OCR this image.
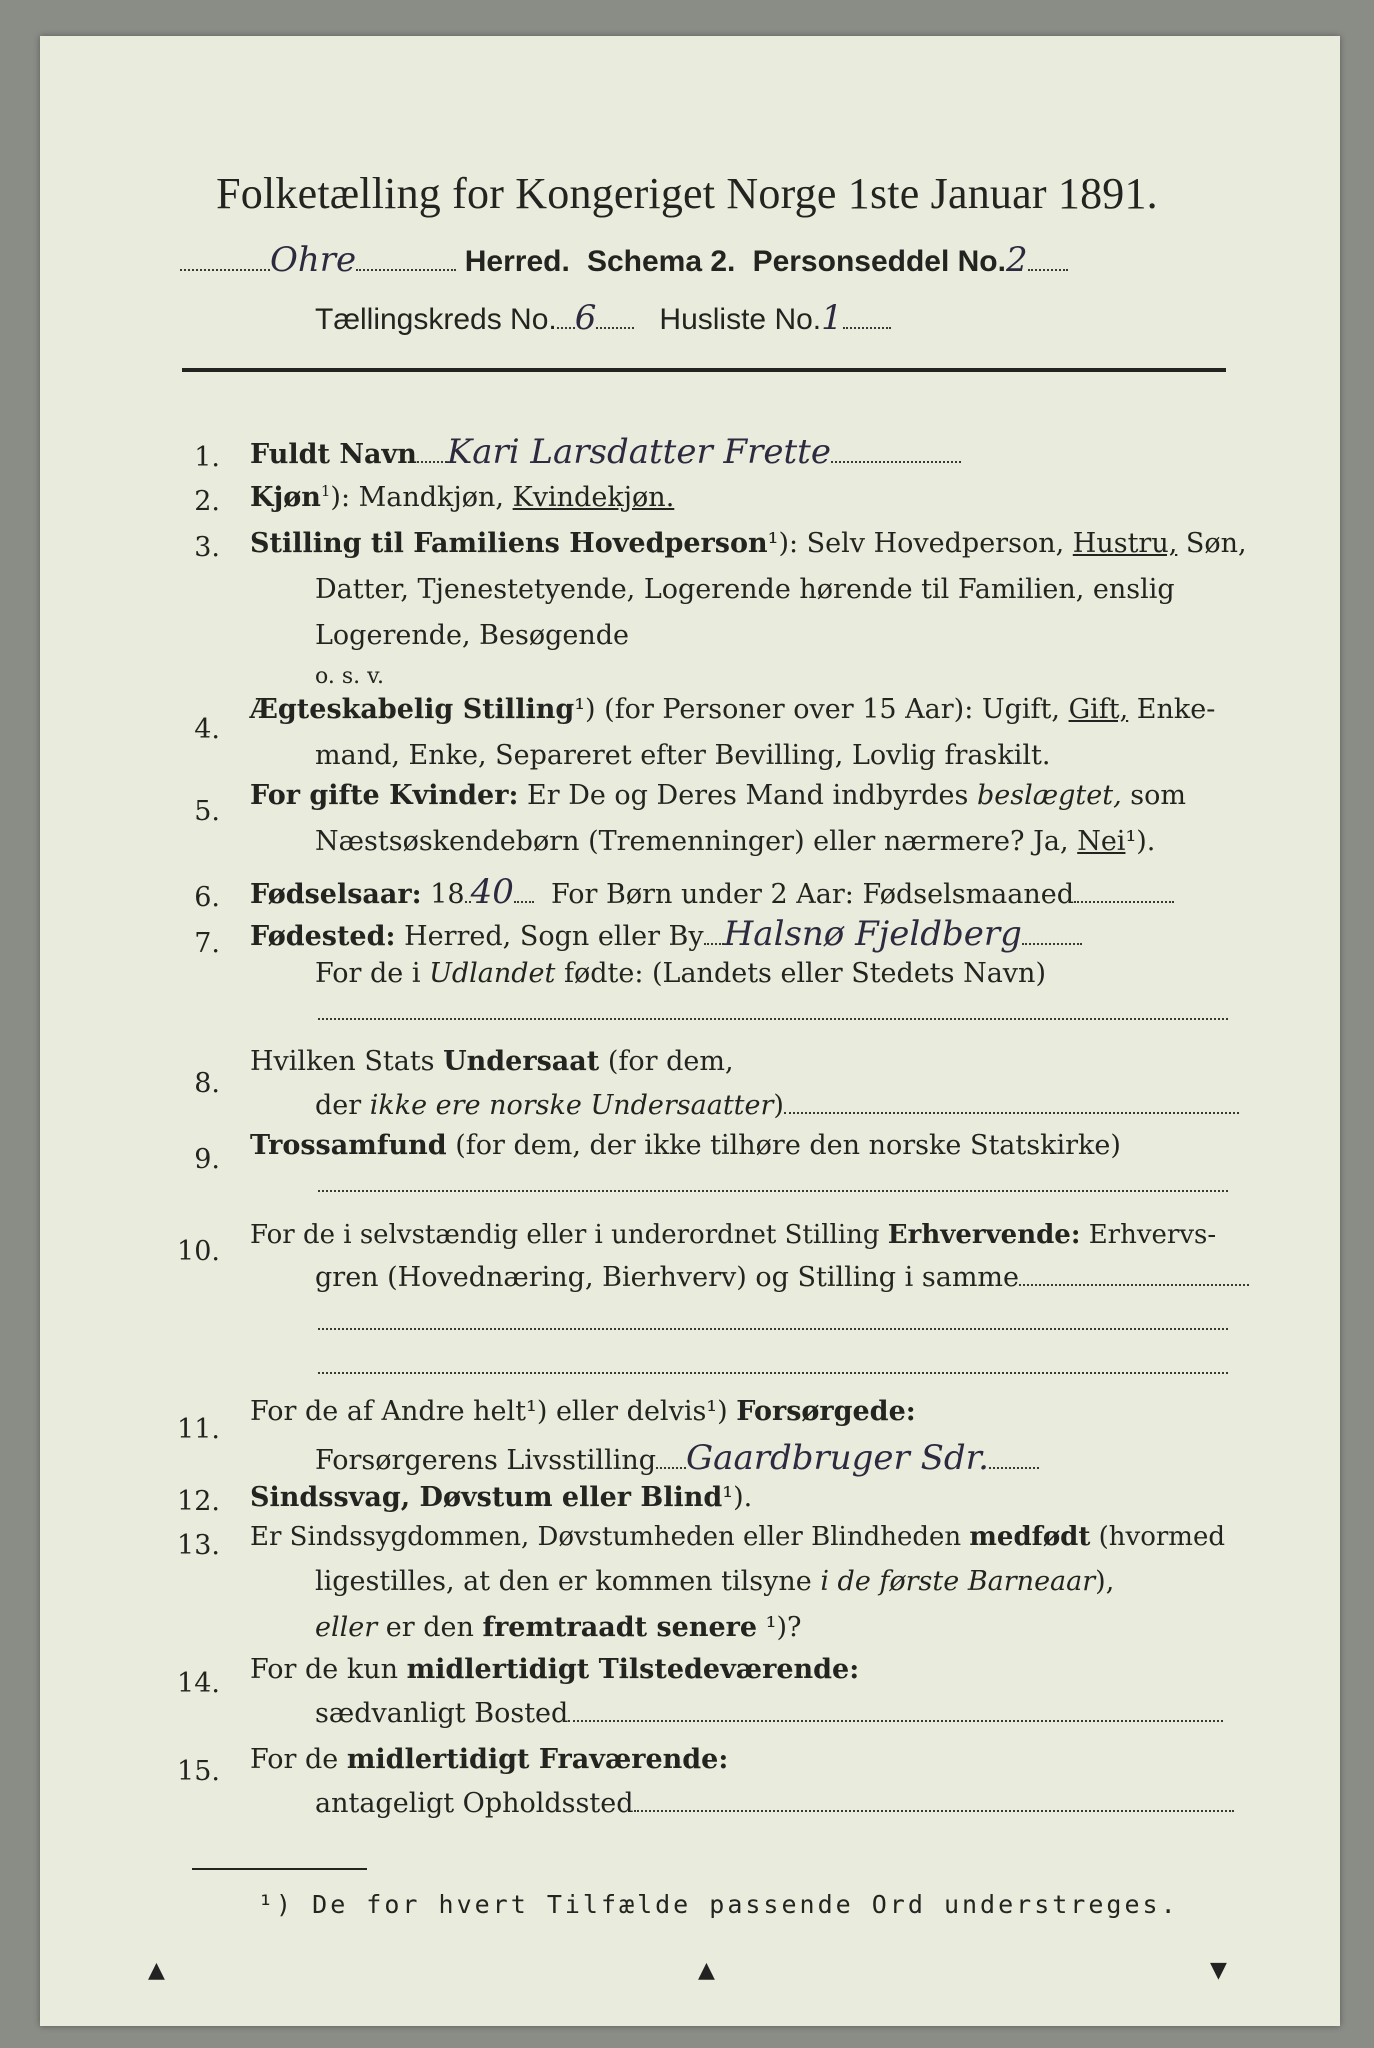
Folketælling for Kongeriget Norge 1ste Januar 1891.
Ohre	Herred. Schema 2. Personseddel No.2
Tællingskreds No. 6 Husliste No.1
1. Fuldt Navn Kari Larsdatter Frette
2. Kjøn$^1$): Mandkjøn, Kvindekjøn.
3. Stilling til Familiens Hovedperson¹): Selv Hovedperson, Hustru, Søn,
Datter, Tjenestetyende, Logerende hørende til Familien, enslig
Logerende, Besøgende
o. s. v.
4.
Ægteskabelig Stilling¹) (for Personer over 15 Aar): Ugift, Gift, Enke-
mand, Enke, Separeret efter Bevilling, Lovlig fraskilt.
5.
For gifte Kvinder: Er De og Deres Mand indbyrdes beslægtet, som
Næstsøskendebørn (Tremenninger) eller nærmere? Ja, Nei¹).
6. Fødselsaar: 18 40 For Børn under 2 Aar: Fødselsmaaned
7. Fødested: Herred, Sogn eller By Halsnø Fjeldberg
For de i Udlandet fødte: (Landets eller Stedets Navn)
8.
Hvilken Stats Undersaat (for dem,
der ikke ere norske Undersaatter)
9. Trossamfund (for dem, der ikke tilhøre den norske Statskirke)
10.
For de i selvstændig eller i underordnet Stilling Erhvervende: Erhvervs-
gren (Hovednæring, Bierhverv) og Stilling i samme
11.
For de af Andre helt¹) eller delvis¹) Forsørgede:
Forsørgerens Livsstilling Gaardbruger Sdr.
12. Sindssvag, Døvstum eller Blind¹).
13. Er Sindssygdommen, Døvstumheden eller Blindheden medfødt (hvormed
ligestilles, at den er kommen tilsyne i de første Barneaar),
eller er den fremtraadt senere ¹)?
14. For de kun midlertidigt Tilstedeværende:
sædvanligt Bosted
15. For de midlertidigt Fraværende:
antageligt Opholdssted
¹) De for hvert Tilfælde passende Ord understreges.
▲	▲	▼
